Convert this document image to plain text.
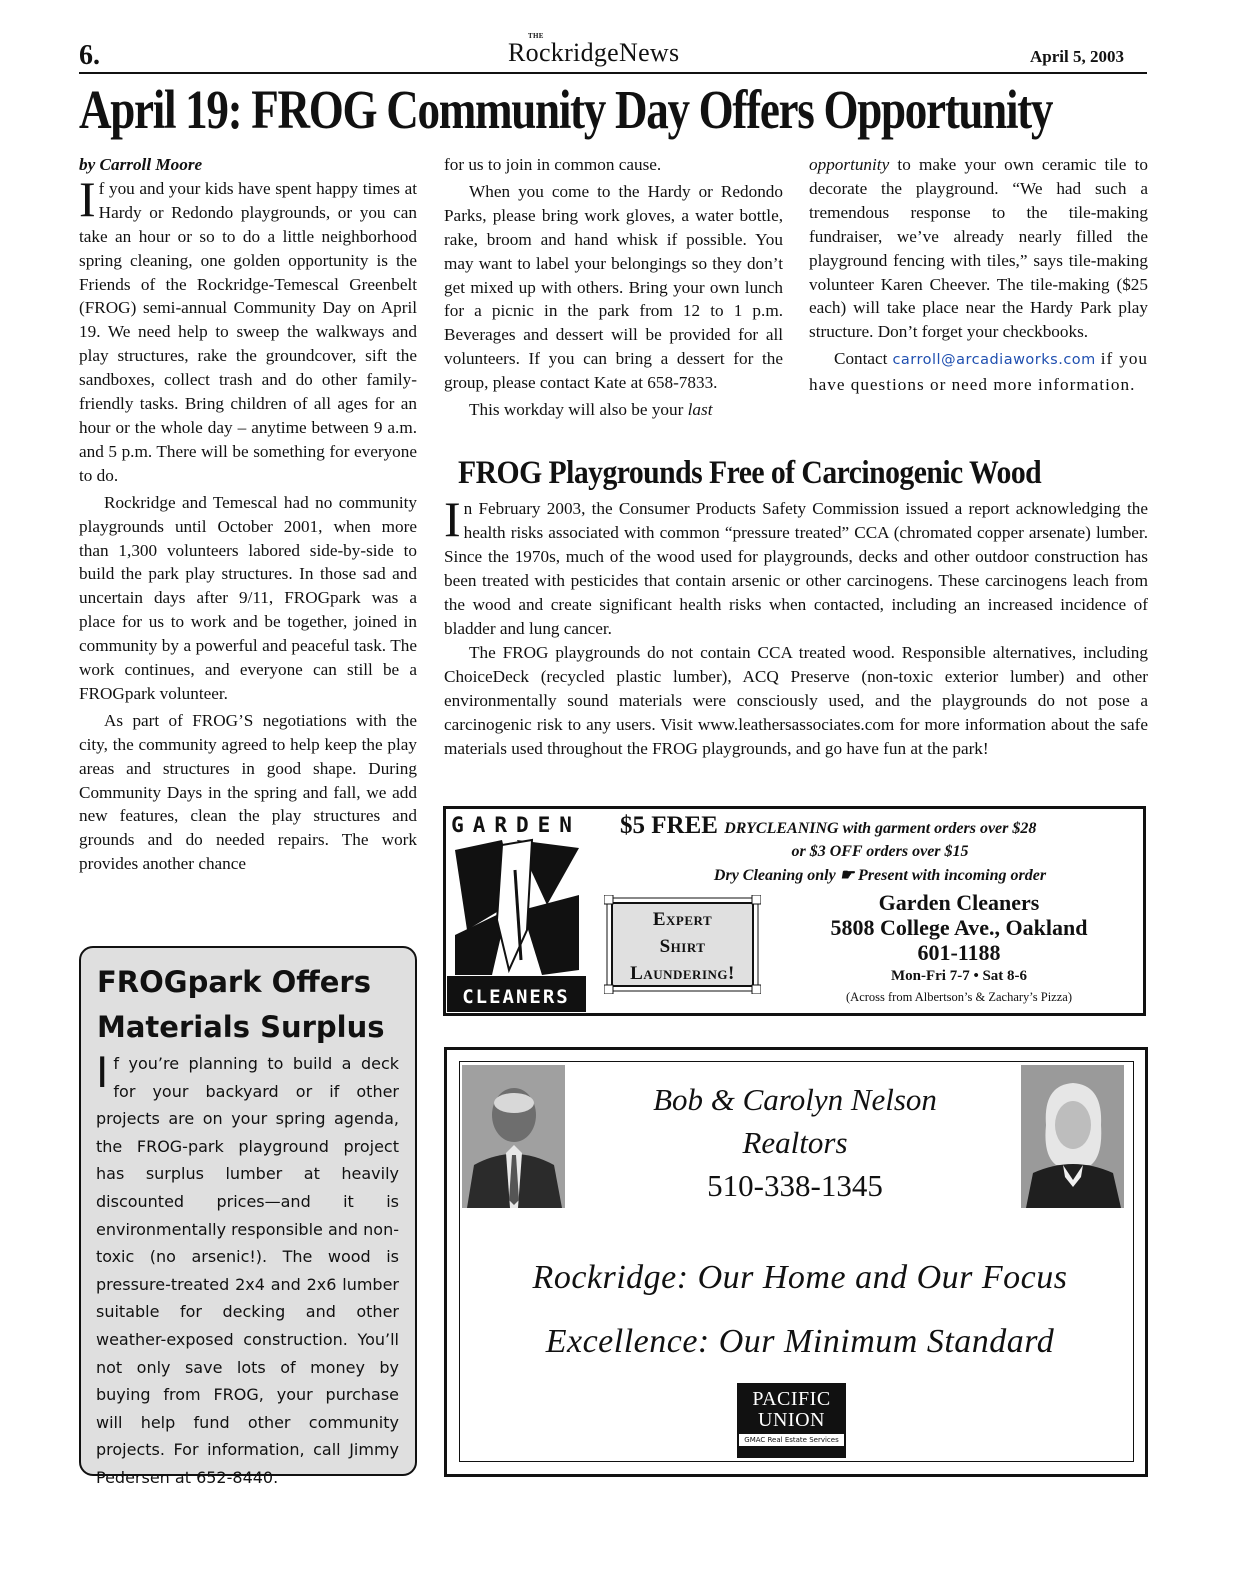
6.
THE
RockridgeNews	April 5, 2003
April 19: FROG Community Day Offers Opportunity

by Carroll Moore

If you and your kids have spent happy times at Hardy or Redondo playgrounds, or you can take an hour or so to do a little neighborhood spring cleaning, one golden opportunity is the Friends of the Rockridge-Temescal Greenbelt (FROG) semi-annual Community Day on April 19. We need help to sweep the walkways and play structures, rake the groundcover, sift the sandboxes, collect trash and do other family-friendly tasks. Bring children of all ages for an hour or the whole day – anytime between 9 a.m. and 5 p.m. There will be something for everyone to do.

Rockridge and Temescal had no community playgrounds until October 2001, when more than 1,300 volunteers labored side-by-side to build the park play structures. In those sad and uncertain days after 9/11, FROGpark was a place for us to work and be together, joined in community by a powerful and peaceful task. The work continues, and everyone can still be a FROGpark volunteer.

As part of FROG’S negotiations with the city, the community agreed to help keep the play areas and structures in good shape. During Community Days in the spring and fall, we add new features, clean the play structures and grounds and do needed repairs. The work provides another chance

for us to join in common cause.

When you come to the Hardy or Redondo Parks, please bring work gloves, a water bottle, rake, broom and hand whisk if possible. You may want to label your belongings so they don’t get mixed up with others. Bring your own lunch for a picnic in the park from 12 to 1 p.m. Beverages and dessert will be provided for all volunteers. If you can bring a dessert for the group, please contact Kate at 658-7833.

This workday will also be your last

opportunity to make your own ceramic tile to decorate the playground. “We had such a tremendous response to the tile-making fundraiser, we’ve already nearly filled the playground fencing with tiles,” says tile-making volunteer Karen Cheever. The tile-making ($25 each) will take place near the Hardy Park play structure. Don’t forget your checkbooks.

Contact carroll@arcadiaworks.com if you have questions or need more information.

FROG Playgrounds Free of Carcinogenic Wood

In February 2003, the Consumer Products Safety Commission issued a report acknowledging the health risks associated with common “pressure treated” CCA (chromated copper arsenate) lumber. Since the 1970s, much of the wood used for playgrounds, decks and other outdoor construction has been treated with pesticides that contain arsenic or other carcinogens. These carcinogens leach from the wood and create significant health risks when contacted, including an increased incidence of bladder and lung cancer.

The FROG playgrounds do not contain CCA treated wood. Responsible alternatives, including ChoiceDeck (recycled plastic lumber), ACQ Preserve (non-toxic exterior lumber) and other environmentally sound materials were consciously used, and the playgrounds do not pose a carcinogenic risk to any users. Visit www.leathersassociates.com for more information about the safe materials used throughout the FROG playgrounds, and go have fun at the park!

GARDEN
CLEANERS
$5 FREE DRYCLEANING with garment orders over $28
or $3 OFF orders over $15
Dry Cleaning only ☛ Present with incoming order
Expert
Shirt
Laundering!
Garden Cleaners
5808 College Ave., Oakland
601-1188
Mon-Fri 7-7 • Sat 8-6
(Across from Albertson’s & Zachary’s Pizza)
FROGpark Offers
Materials Surplus
If you’re planning to build a deck for your backyard or if other projects are on your spring agenda, the FROG-park playground project has surplus lumber at heavily discounted prices—and it is environmentally responsible and non-toxic (no arsenic!). The wood is pressure-treated 2x4 and 2x6 lumber suitable for decking and other weather-exposed construction. You’ll not only save lots of money by buying from FROG, your purchase will help fund other community projects. For information, call Jimmy Pedersen at 652-8440.
Bob & Carolyn Nelson
Realtors
510-338-1345
Rockridge: Our Home and Our Focus
Excellence: Our Minimum Standard
PACIFIC
UNION
GMAC Real Estate Services
